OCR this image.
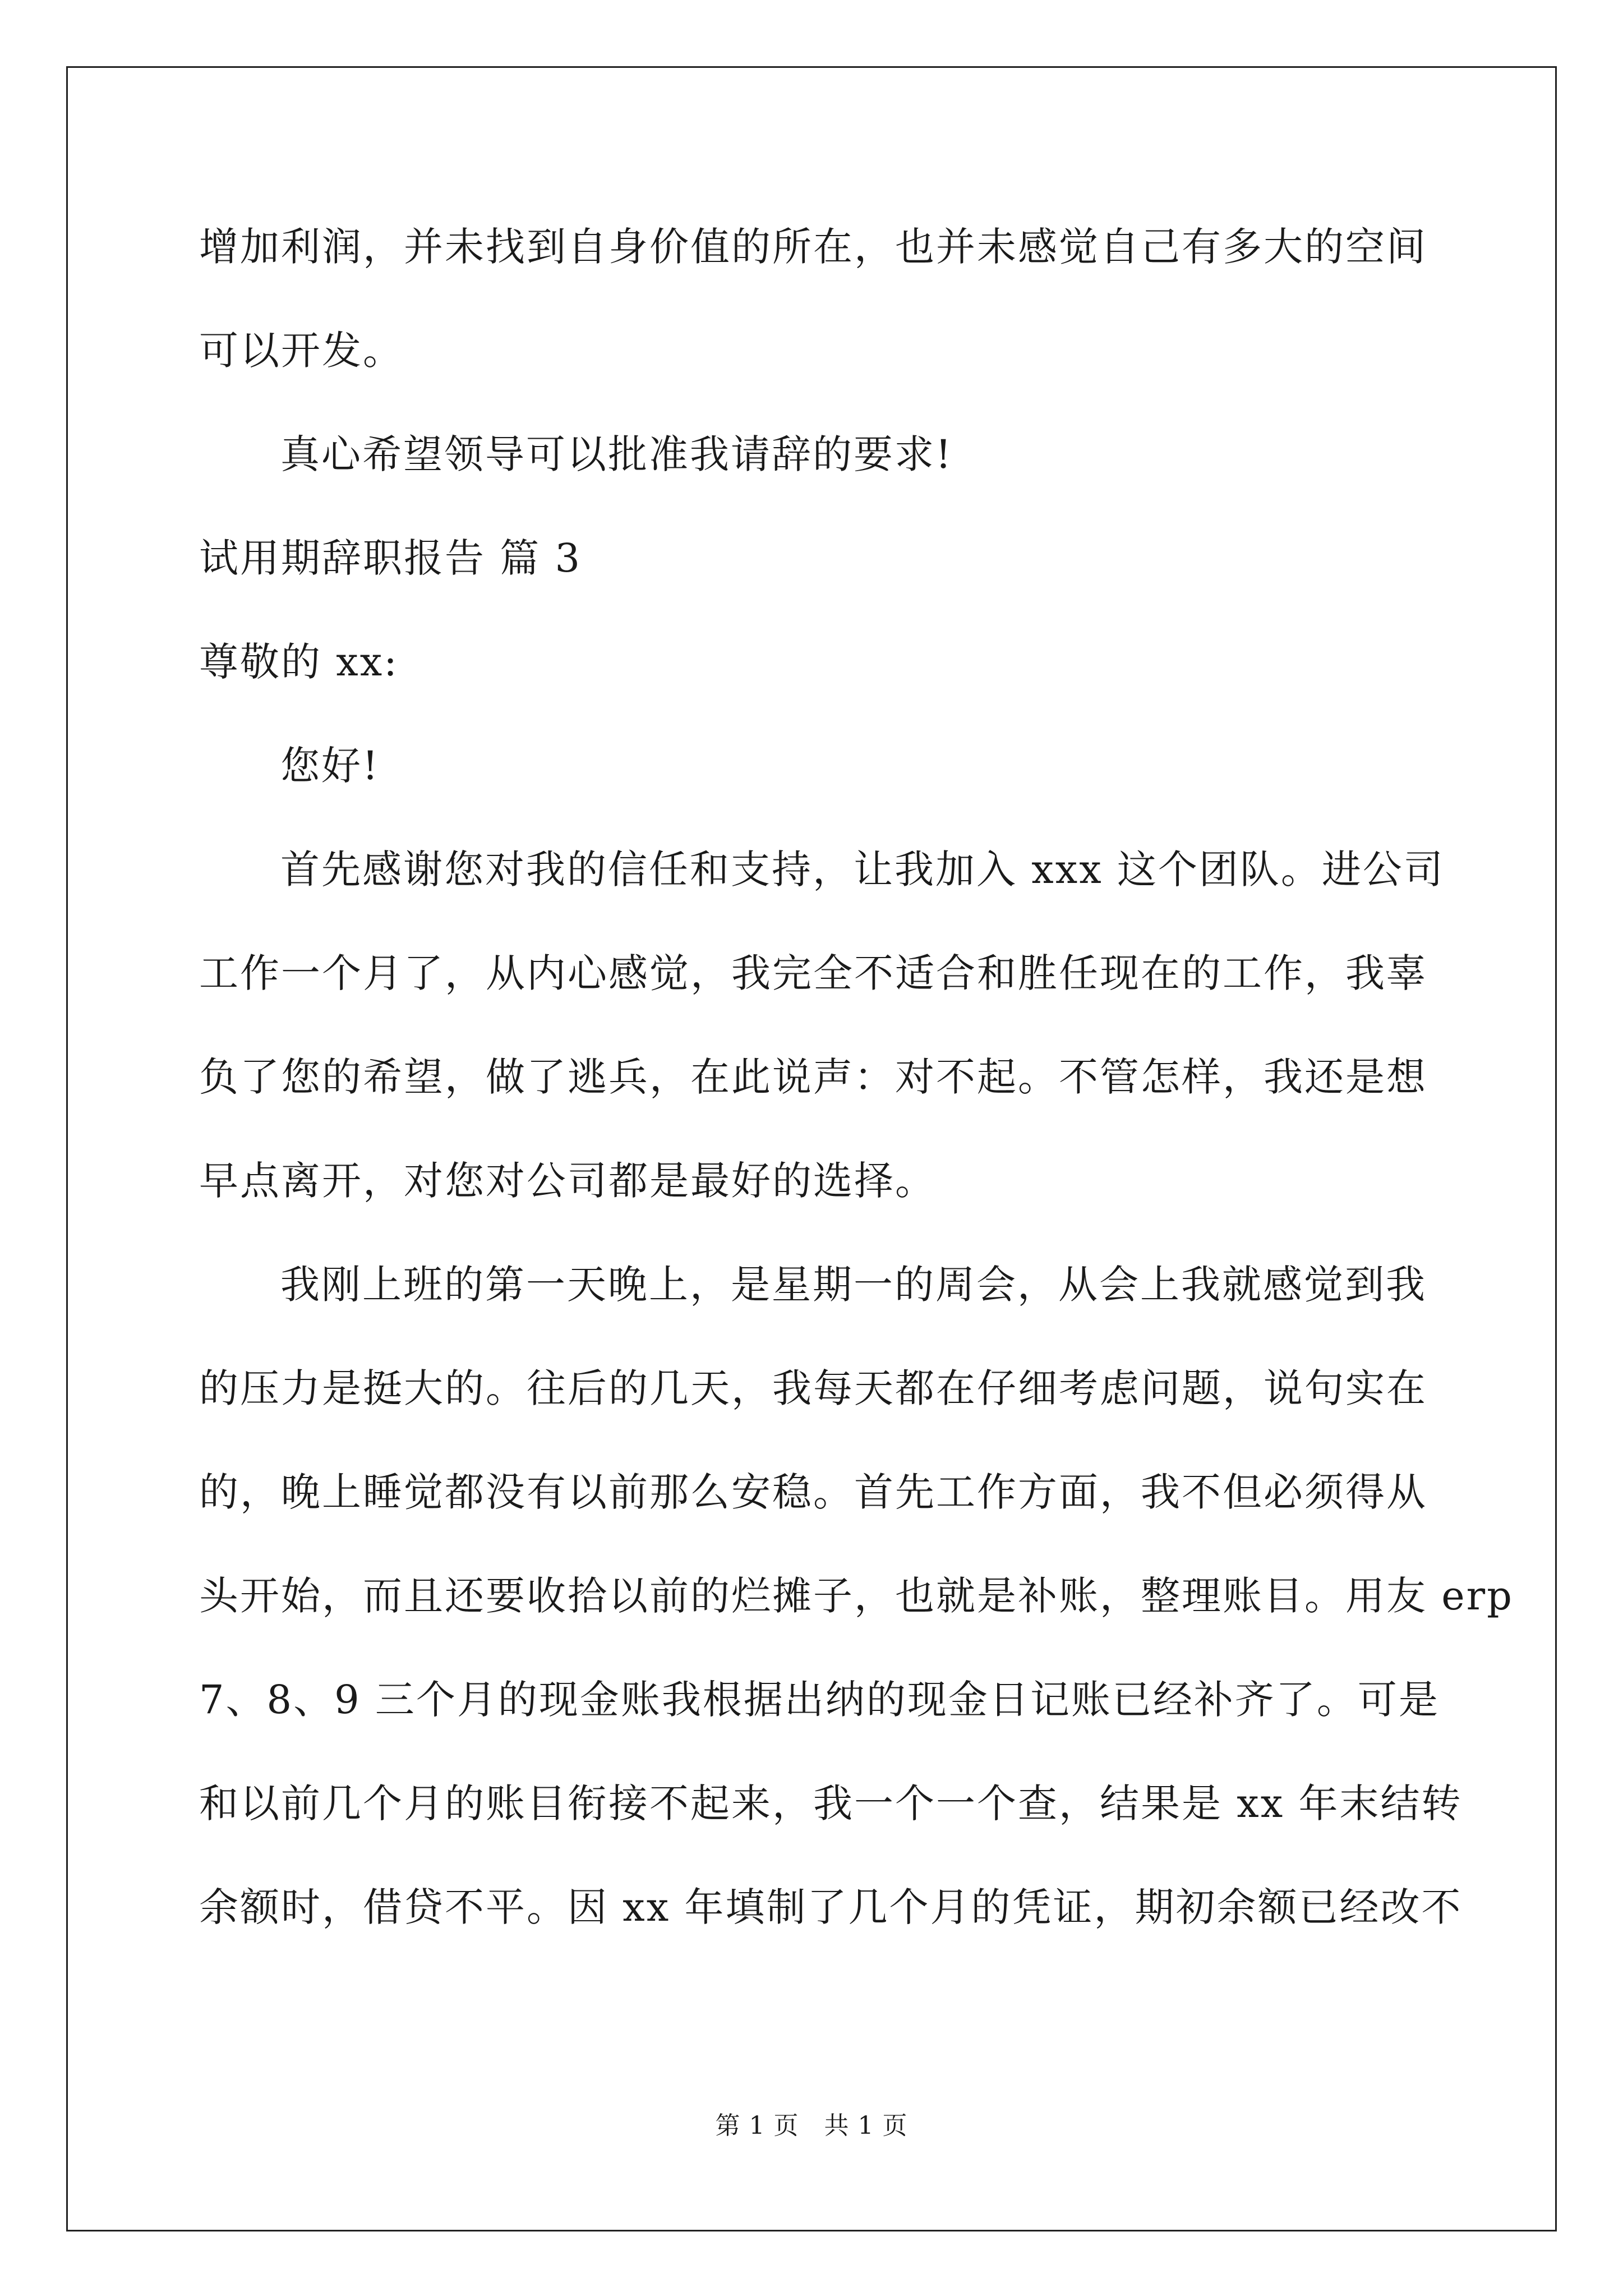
增加利润，并未找到自身价值的所在，也并未感觉自己有多大的空间
可以开发。
真心希望领导可以批准我请辞的要求!
试用期辞职报告 篇 3
尊敬的 xx:
您好!
首先感谢您对我的信任和支持，让我加入 xxx 这个团队。进公司
工作一个月了，从内心感觉，我完全不适合和胜任现在的工作，我辜
负了您的希望，做了逃兵，在此说声：对不起。不管怎样，我还是想
早点离开，对您对公司都是最好的选择。
我刚上班的第一天晚上，是星期一的周会，从会上我就感觉到我
的压力是挺大的。往后的几天，我每天都在仔细考虑问题，说句实在
的，晚上睡觉都没有以前那么安稳。首先工作方面，我不但必须得从
头开始，而且还要收拾以前的烂摊子，也就是补账，整理账目。用友 erp
7、8、9 三个月的现金账我根据出纳的现金日记账已经补齐了。可是
和以前几个月的账目衔接不起来，我一个一个查，结果是 xx 年末结转
余额时，借贷不平。因 xx 年填制了几个月的凭证，期初余额已经改不
第 1 页　共 1 页
